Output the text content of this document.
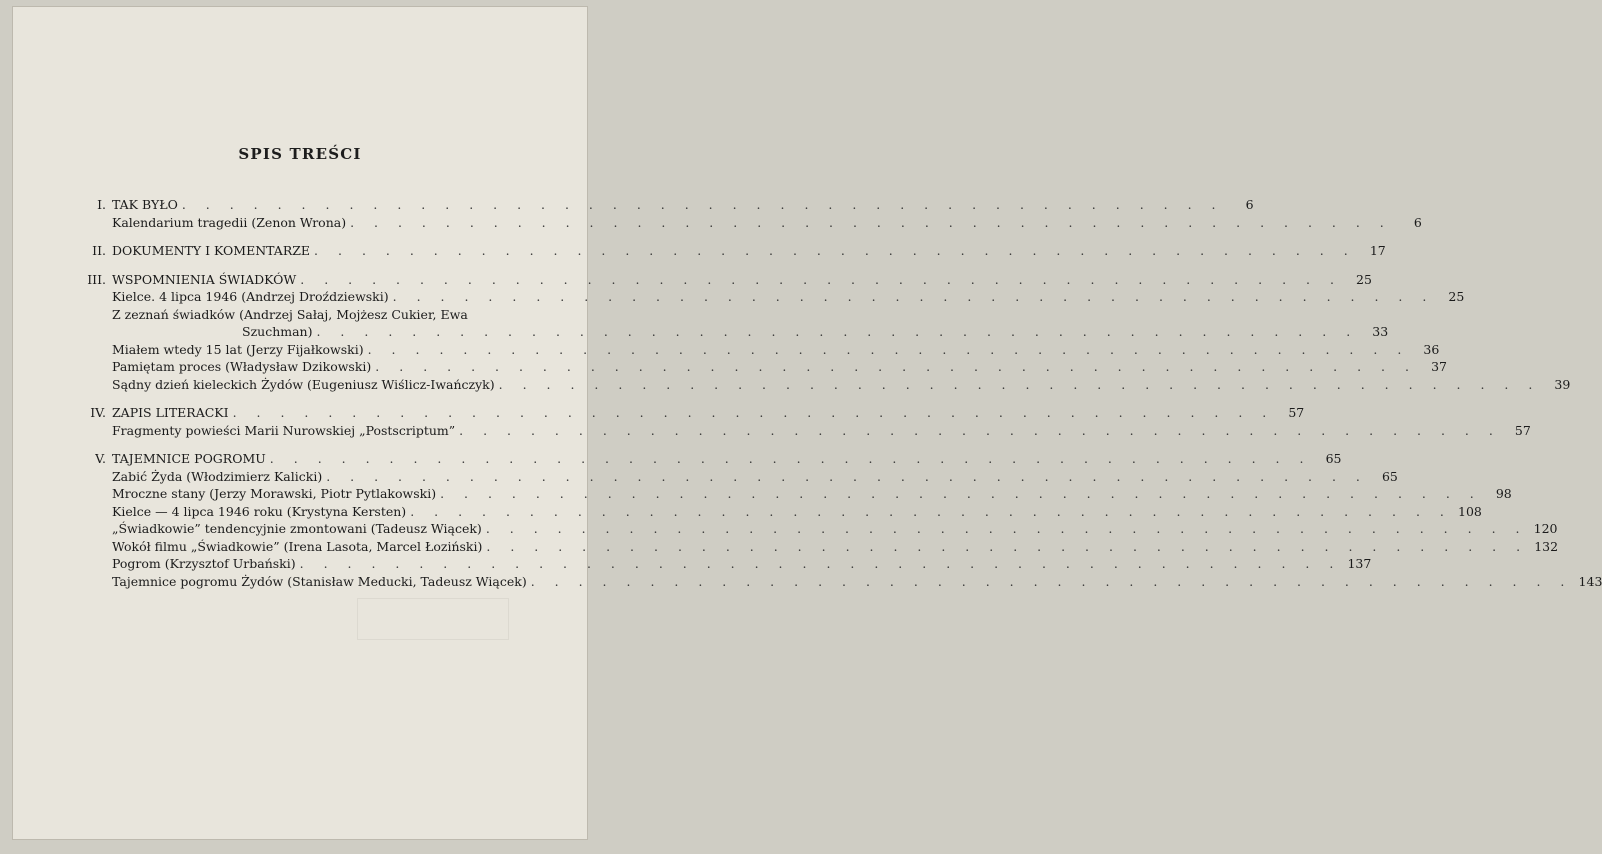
SPIS TREŚCI
I. TAK BYŁO . . .	6
Kalendarium tragedii (Zenon Wrona) . . .	6
II. DOKUMENTY I KOMENTARZE . . .	17
III. WSPOMNIENIA ŚWIADKÓW . . .	25
Kielce. 4 lipca 1946 (Andrzej Droździewski) . . .	25
Z zeznań świadków (Andrzej Sałaj, Mojżesz Cukier, Ewa
Szuchman) . . .	33
Miałem wtedy 15 lat (Jerzy Fijałkowski) . . .	36
Pamiętam proces (Władysław Dzikowski) . . .	37
Sądny dzień kieleckich Żydów (Eugeniusz Wiślicz-Iwańczyk) . . .	39
IV. ZAPIS LITERACKI . . .	57
Fragmenty powieści Marii Nurowskiej „Postscriptum” . . .	57
V. TAJEMNICE POGROMU . . .	65
Zabić Żyda (Włodzimierz Kalicki) . . .	65
Mroczne stany (Jerzy Morawski, Piotr Pytlakowski) . . .	98
Kielce — 4 lipca 1946 roku (Krystyna Kersten) . . .	108
„Świadkowie” tendencyjnie zmontowani (Tadeusz Wiącek) . . .	120
Wokół filmu „Świadkowie” (Irena Lasota, Marcel Łoziński) . . .	132
Pogrom (Krzysztof Urbański) . . .	137
Tajemnice pogromu Żydów (Stanisław Meducki, Tadeusz Wiącek) . . .	143
